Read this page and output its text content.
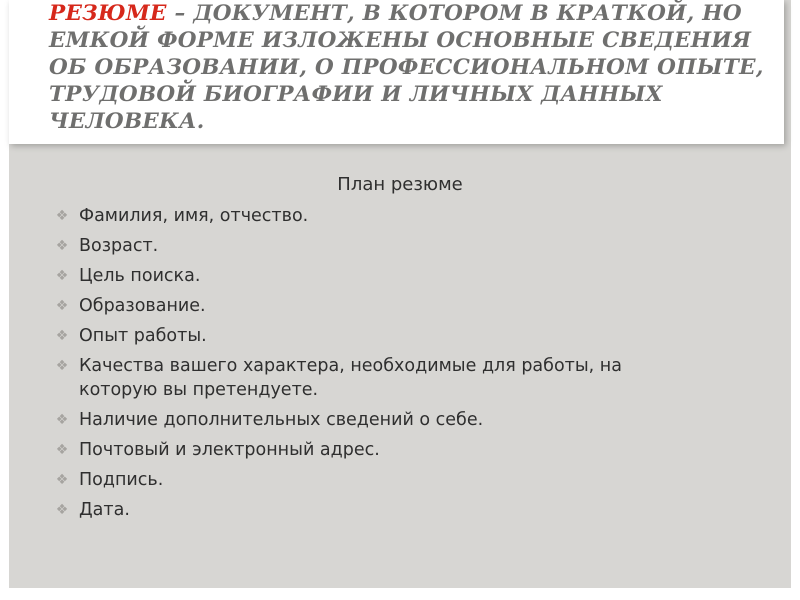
РЕЗЮМЕ – ДОКУМЕНТ, В КОТОРОМ В КРАТКОЙ, НО ЕМКОЙ ФОРМЕ ИЗЛОЖЕНЫ ОСНОВНЫЕ СВЕДЕНИЯ ОБ ОБРАЗОВАНИИ, О ПРОФЕССИОНАЛЬНОМ ОПЫТЕ, ТРУДОВОЙ БИОГРАФИИ И ЛИЧНЫХ ДАННЫХ ЧЕЛОВЕКА.

План резюме

❖ Фамилия, имя, отчество.
❖ Возраст.
❖ Цель поиска.
❖ Образование.
❖ Опыт работы.
❖ Качества вашего характера, необходимые для работы, на которую вы претендуете.
❖ Наличие дополнительных сведений о себе.
❖ Почтовый и электронный адрес.
❖ Подпись.
❖ Дата.
